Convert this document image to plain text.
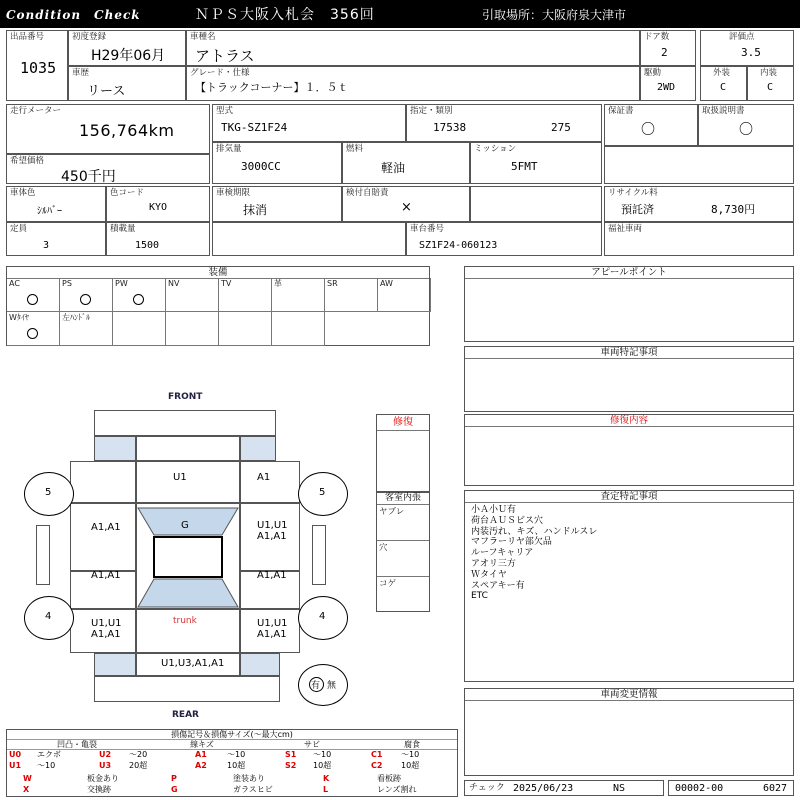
Condition　Check	ＮＰＳ大阪入札会　356回	引取場所：大阪府泉大津市
出品番号
1035
初度登録
H29年06月
車種名
アトラス
ドア数
2
評価点
3.5
車歴
リース
グレード・仕様
【トラックコーナー】１．５ｔ
駆動
2WD
外装
C
内装
C
走行メーター
156,764km
希望価格
450千円
型式
TKG-SZ1F24
指定・類別
17538	275
排気量
3000CC
燃料
軽油
ミッション
5FMT
保証書
〇
取扱説明書
〇
車体色
ｼﾙﾊﾞｰ
色コード
KYO
車検期限
抹消
検付自賠責
×
リサイクル料
預託済	8,730円
定員
3
積載量
1500
車台番号
SZ1F24-060123
福祉車両
装備
AC	PS	PW	NV	TV	革	SR	AW
Wﾀｲﾔ	左ﾊﾝﾄﾞﾙ
アピールポイント
車両特記事項
修復内容
査定特記事項
小Ａ小Ｕ有
荷台ＡＵＳビス穴
内装汚れ、キズ、ハンドルスレ
マフラーリヤ部欠品
ルーフキャリア
アオリ三方
Ｗタイヤ
スペアキー有
ETC
車両変更情報
修復
客室内張
ヤブレ
穴
コゲ
FRONT
REAR
U1	A1
A1,A1	U1,U1
A1,A1
A1,A1	A1,A1
G
U1,U1
A1,A1
trunk	U1,U1
A1,A1
U1,U3,A1,A1
5	5
4	4
有 無
損傷記号＆損傷サイズ(〜最大cm)
凹凸・亀裂	線キズ	サビ	腐食
U0 エクボ	U2 〜20	A1	〜10	S1 〜10	C1 〜10
U1 〜10	U3 20超	A2	10超	S2 10超	C2 10超
W	板金あり	P	塗装あり	K	看板跡
X	交換跡	G	ガラスヒビ	L	レンズ割れ	チェック 2025/06/23	NS	00002-00	6027
